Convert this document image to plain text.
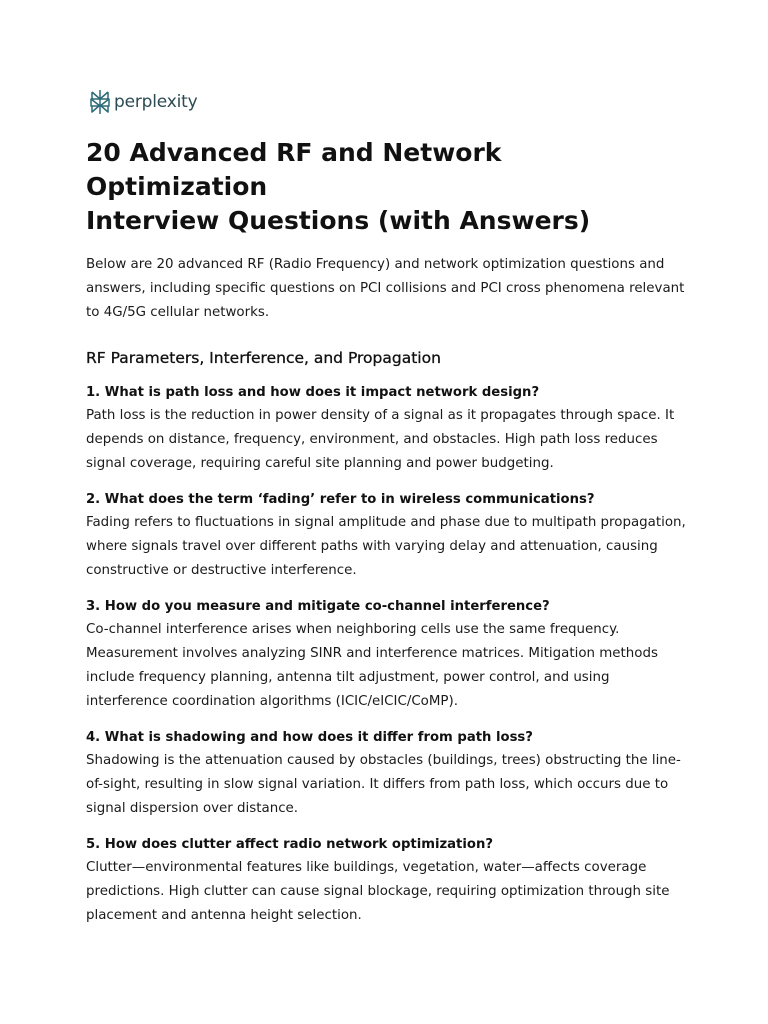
perplexity
20 Advanced RF and Network Optimization
Interview Questions (with Answers)

Below are 20 advanced RF (Radio Frequency) and network optimization questions and answers, including specific questions on PCI collisions and PCI cross phenomena relevant to 4G/5G cellular networks.

RF Parameters, Interference, and Propagation

1. What is path loss and how does it impact network design?

Path loss is the reduction in power density of a signal as it propagates through space. It depends on distance, frequency, environment, and obstacles. High path loss reduces signal coverage, requiring careful site planning and power budgeting.

2. What does the term ‘fading’ refer to in wireless communications?

Fading refers to fluctuations in signal amplitude and phase due to multipath propagation, where signals travel over different paths with varying delay and attenuation, causing constructive or destructive interference.

3. How do you measure and mitigate co-channel interference?

Co-channel interference arises when neighboring cells use the same frequency. Measurement involves analyzing SINR and interference matrices. Mitigation methods include frequency planning, antenna tilt adjustment, power control, and using interference coordination algorithms (ICIC/eICIC/CoMP).

4. What is shadowing and how does it differ from path loss?

Shadowing is the attenuation caused by obstacles (buildings, trees) obstructing the line-of-sight, resulting in slow signal variation. It differs from path loss, which occurs due to signal dispersion over distance.

5. How does clutter affect radio network optimization?

Clutter—environmental features like buildings, vegetation, water—affects coverage predictions. High clutter can cause signal blockage, requiring optimization through site placement and antenna height selection.
